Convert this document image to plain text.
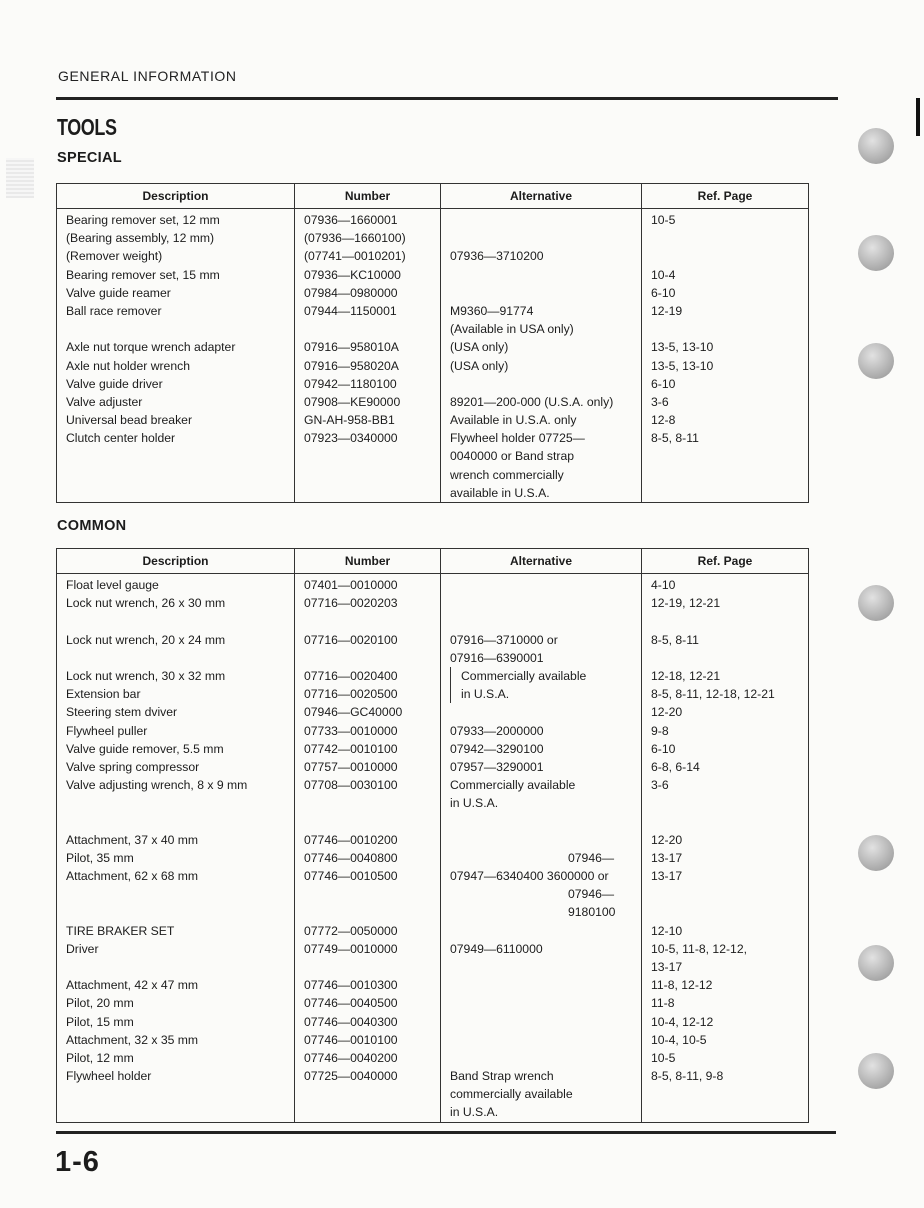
GENERAL INFORMATION
TOOLS
SPECIAL
Description	Number	Alternative	Ref. Page

Bearing remover set, 12 mm	07936—1660001		10-5

(Bearing assembly, 12 mm)	(07936—1660100)		

(Remover weight)	(07741—0010201)	07936—3710200	

Bearing remover set, 15 mm	07936—KC10000		10-4

Valve guide reamer	07984—0980000		6-10

Ball race remover	07944—1150001	M9360—91774	12-19

		(Available in USA only)	

Axle nut torque wrench adapter	07916—958010A	(USA only)	13-5, 13-10

Axle nut holder wrench	07916—958020A	(USA only)	13-5, 13-10

Valve guide driver	07942—1180100		6-10

Valve adjuster	07908—KE90000	89201—200-000 (U.S.A. only)	3-6

Universal bead breaker	GN-AH-958-BB1	Available in U.S.A. only	12-8

Clutch center holder	07923—0340000	Flywheel holder 07725—	8-5, 8-11

		0040000 or Band strap	

		wrench commercially	

		available in U.S.A.	

COMMON
Description	Number	Alternative	Ref. Page

Float level gauge	07401—0010000		4-10

Lock nut wrench, 26 x 30 mm	07716—0020203		12-19, 12-21

Lock nut wrench, 20 x 24 mm	07716—0020100	07916—3710000 or	8-5, 8-11

		07916—6390001	

Lock nut wrench, 30 x 32 mm	07716—0020400	Commercially available	12-18, 12-21

Extension bar	07716—0020500	in U.S.A.	8-5, 8-11, 12-18, 12-21

Steering stem dviver	07946—GC40000		12-20

Flywheel puller	07733—0010000	07933—2000000	9-8

Valve guide remover, 5.5 mm	07742—0010100	07942—3290100	6-10

Valve spring compressor	07757—0010000	07957—3290001	6-8, 6-14

Valve adjusting wrench, 8 x 9 mm	07708—0030100	Commercially available	3-6

		in U.S.A.	

Attachment, 37 x 40 mm	07746—0010200		12-20

Pilot, 35 mm	07746—0040800	07946—	13-17

Attachment, 62 x 68 mm	07746—0010500	07947—6340400 3600000 or	13-17

		07946—	

		9180100	

TIRE BRAKER SET	07772—0050000		12-10

Driver	07749—0010000	07949—6110000	10-5, 11-8, 12-12,

			13-17

Attachment, 42 x 47 mm	07746—0010300		11-8, 12-12

Pilot, 20 mm	07746—0040500		11-8

Pilot, 15 mm	07746—0040300		10-4, 12-12

Attachment, 32 x 35 mm	07746—0010100		10-4, 10-5

Pilot, 12 mm	07746—0040200		10-5

Flywheel holder	07725—0040000	Band Strap wrench	8-5, 8-11, 9-8

		commercially available	

		in U.S.A.	

1-6
